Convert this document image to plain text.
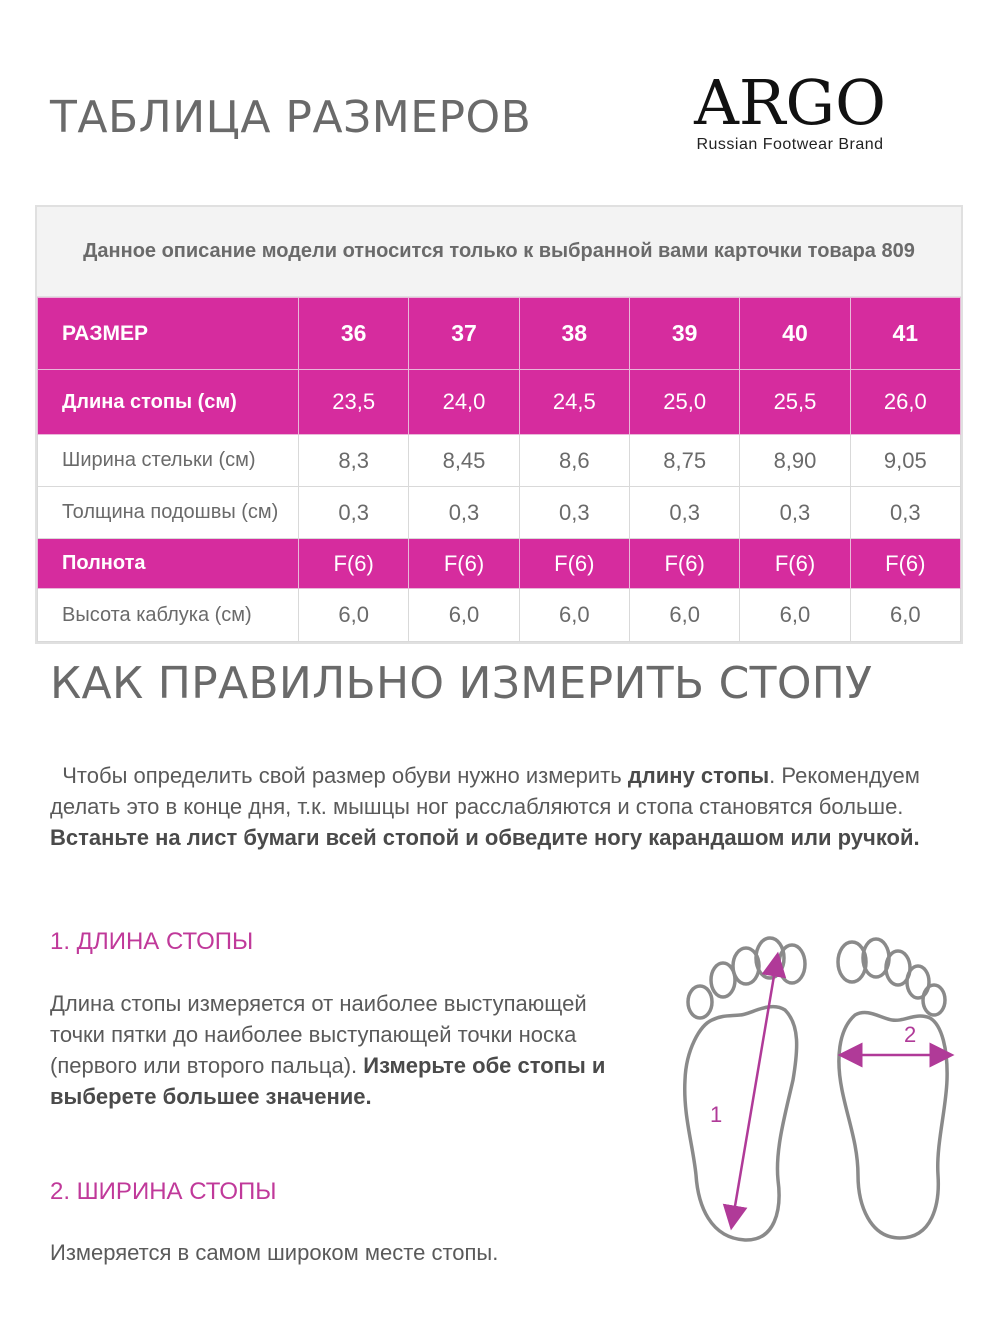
ТАБЛИЦА РАЗМЕРОВ	ARGO
Russian Footwear Brand
Данное описание модели относится только к выбранной вами карточки товара 809
РАЗМЕР	36	37	38	39	40	41
Длина стопы (см)	23,5	24,0	24,5	25,0	25,5	26,0
Ширина стельки (см)	8,3	8,45	8,6	8,75	8,90	9,05
Толщина подошвы (см)	0,3	0,3	0,3	0,3	0,3	0,3
Полнота	F(6)	F(6)	F(6)	F(6)	F(6)	F(6)
Высота каблука (см)	6,0	6,0	6,0	6,0	6,0	6,0
КАК ПРАВИЛЬНО ИЗМЕРИТЬ СТОПУ

Чтобы определить свой размер обуви нужно измерить длину стопы. Рекомендуем делать это в конце дня, т.к. мышцы ног расслабляются и стопа становятся больше. Встаньте на лист бумаги всей стопой и обведите ногу карандашом или ручкой.

1. ДЛИНА СТОПЫ

Длина стопы измеряется от наиболее выступающей точки пятки до наиболее выступающей точки носка (первого или второго пальца). Измерьте обе стопы и выберете большее значение.

2. ШИРИНА СТОПЫ

Измеряется в самом широком месте стопы.

1
2
